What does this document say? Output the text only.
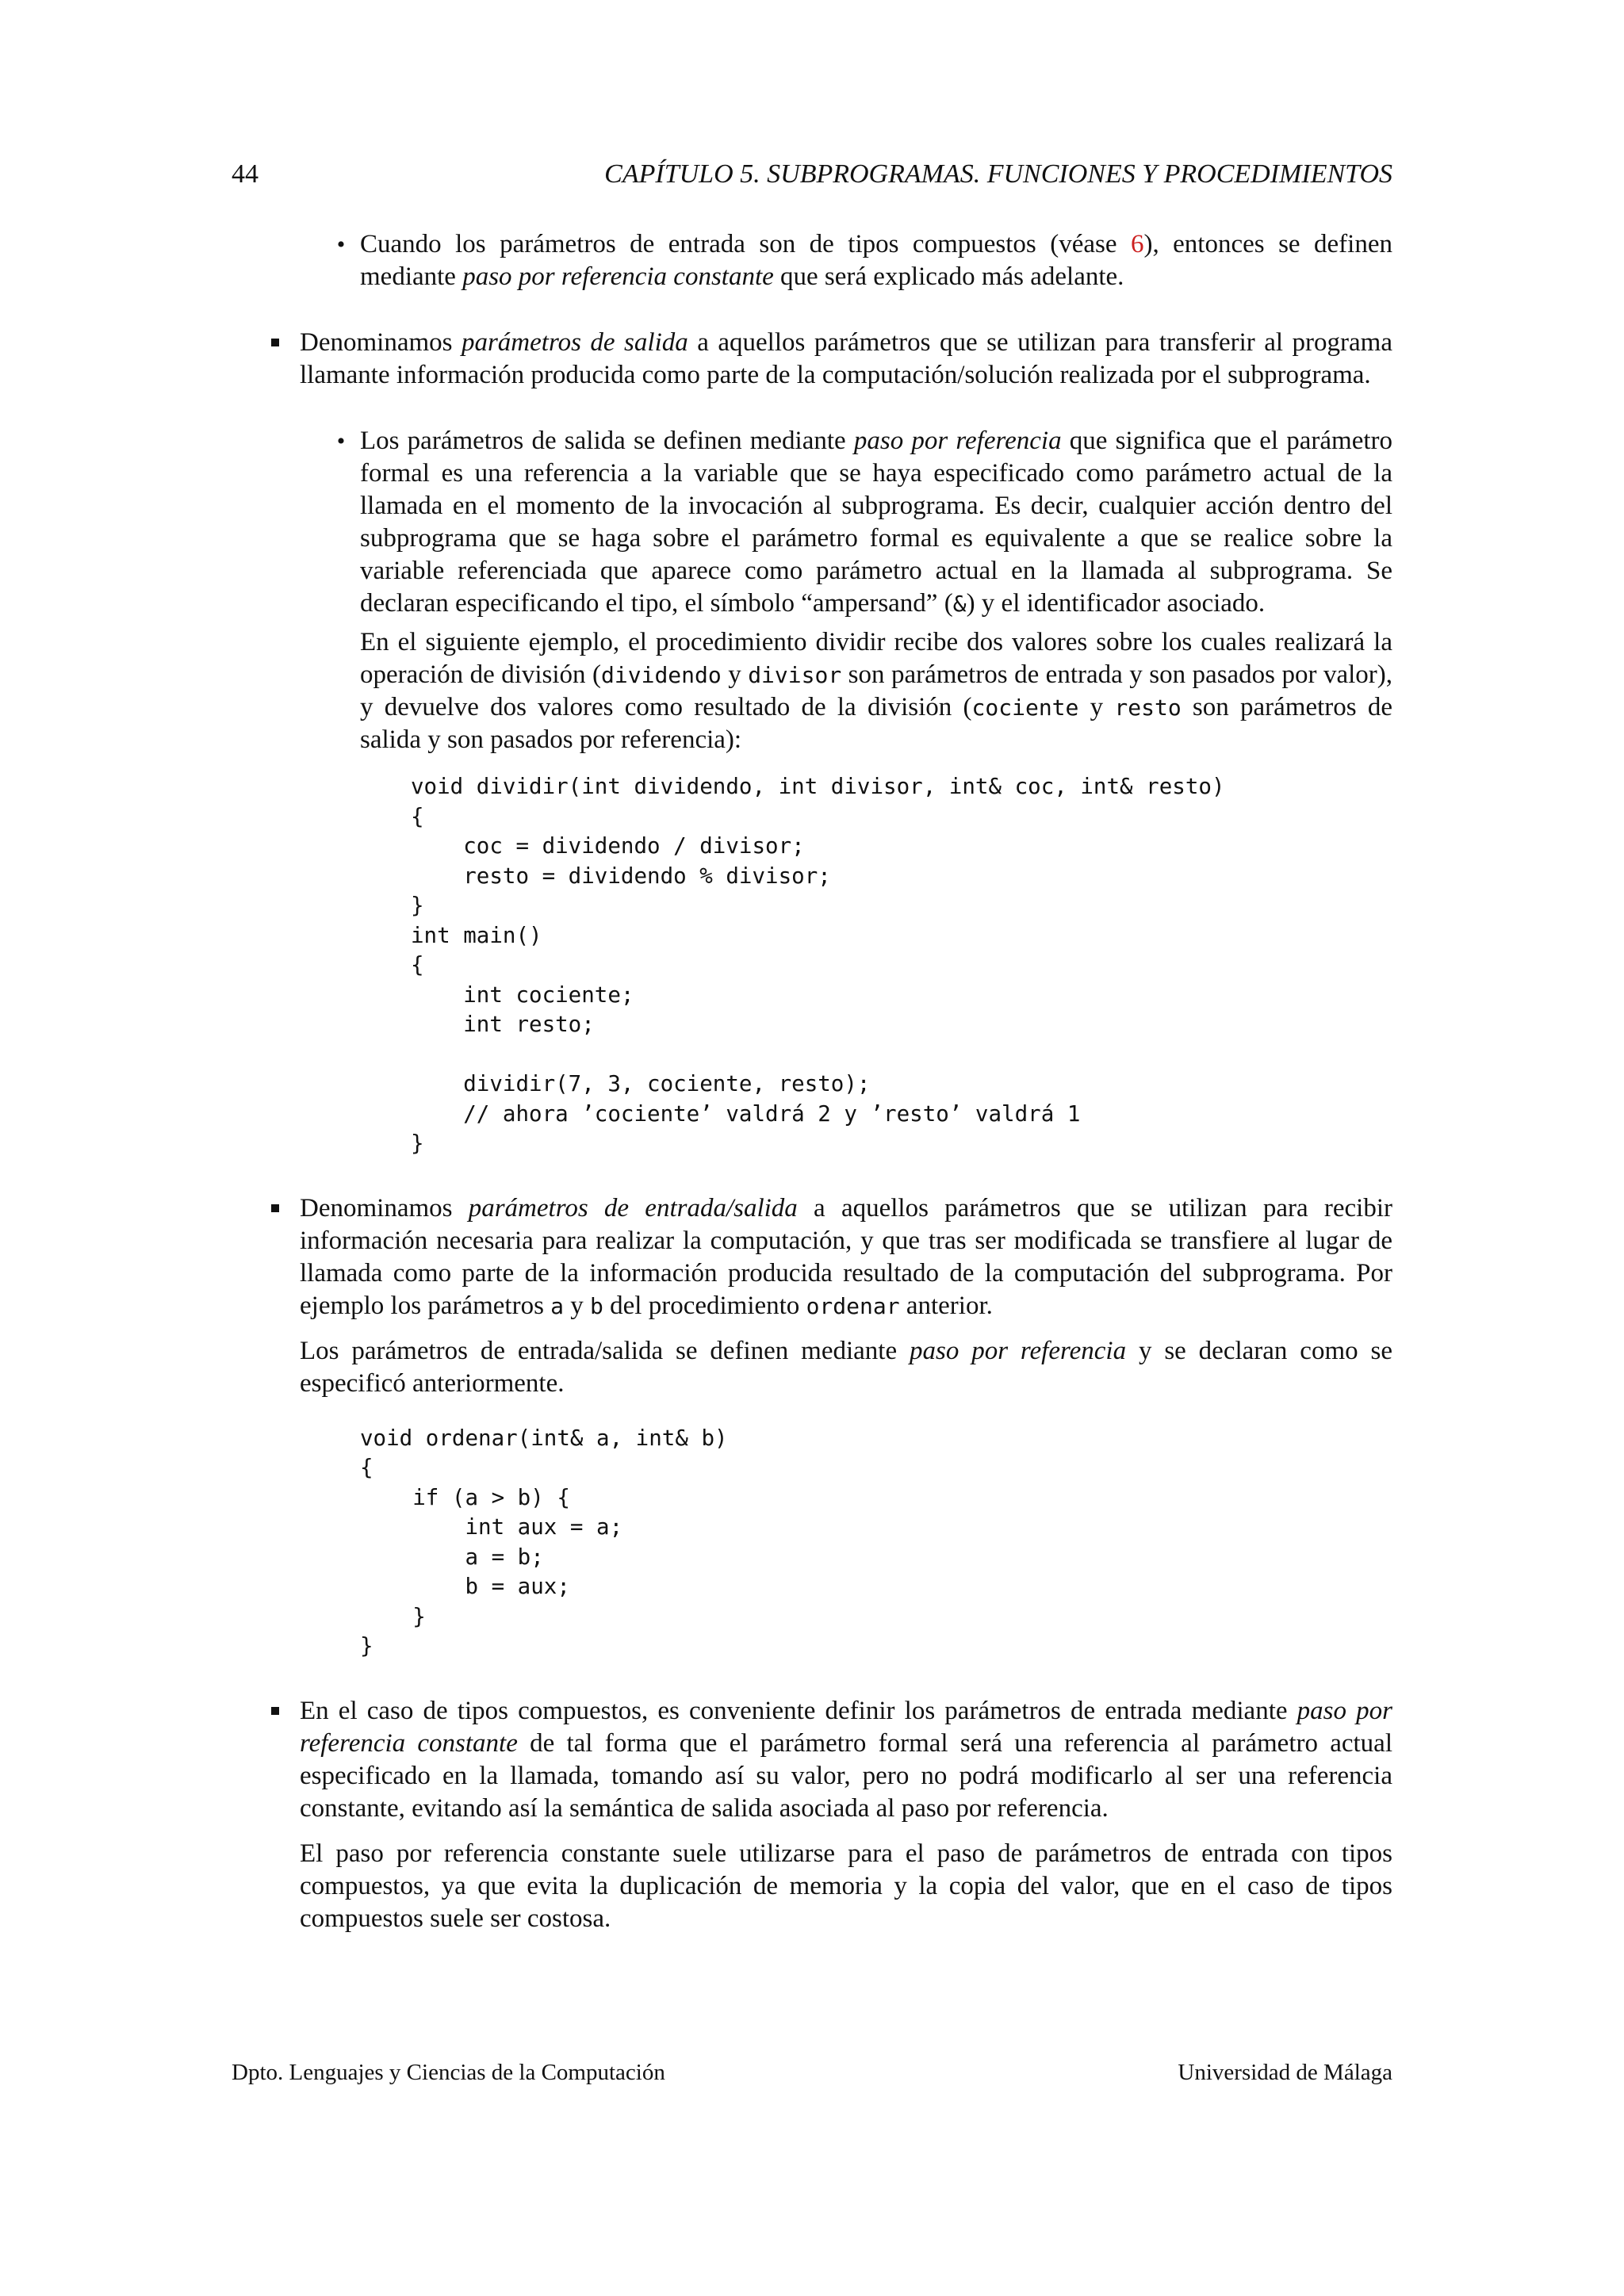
44	CAPÍTULO 5. SUBPROGRAMAS. FUNCIONES Y PROCEDIMIENTOS
• Cuando los parámetros de entrada son de tipos compuestos (véase 6), entonces se definen mediante paso por referencia constante que será explicado más adelante.

Denominamos parámetros de salida a aquellos parámetros que se utilizan para transferir al programa llamante información producida como parte de la computación/solución realizada por el subprograma.

• Los parámetros de salida se definen mediante paso por referencia que significa que el parámetro formal es una referencia a la variable que se haya especificado como parámetro actual de la llamada en el momento de la invocación al subprograma. Es decir, cualquier acción dentro del subprograma que se haga sobre el parámetro formal es equivalente a que se realice sobre la variable referenciada que aparece como parámetro actual en la llamada al subprograma. Se declaran especificando el tipo, el símbolo “ampersand” (&) y el identificador asociado.

En el siguiente ejemplo, el procedimiento dividir recibe dos valores sobre los cuales realizará la operación de división (dividendo y divisor son parámetros de entrada y son pasados por valor), y devuelve dos valores como resultado de la división (cociente y resto son parámetros de salida y son pasados por referencia):

void dividir(int dividendo, int divisor, int& coc, int& resto)
{
coc = dividendo / divisor;
resto = dividendo % divisor;
}
int main()
{
int cociente;
int resto;

dividir(7, 3, cociente, resto);
// ahora ’cociente’ valdrá 2 y ’resto’ valdrá 1
}

Denominamos parámetros de entrada/salida a aquellos parámetros que se utilizan para recibir información necesaria para realizar la computación, y que tras ser modificada se transfiere al lugar de llamada como parte de la información producida resultado de la computación del subprograma. Por ejemplo los parámetros a y b del procedimiento ordenar anterior.

Los parámetros de entrada/salida se definen mediante paso por referencia y se declaran como se especificó anteriormente.

void ordenar(int& a, int& b)
{
if (a > b) {
int aux = a;
a = b;
b = aux;
}
}

En el caso de tipos compuestos, es conveniente definir los parámetros de entrada mediante paso por referencia constante de tal forma que el parámetro formal será una referencia al parámetro actual especificado en la llamada, tomando así su valor, pero no podrá modificarlo al ser una referencia constante, evitando así la semántica de salida asociada al paso por referencia.

El paso por referencia constante suele utilizarse para el paso de parámetros de entrada con tipos compuestos, ya que evita la duplicación de memoria y la copia del valor, que en el caso de tipos compuestos suele ser costosa.

Dpto. Lenguajes y Ciencias de la Computación	Universidad de Málaga
